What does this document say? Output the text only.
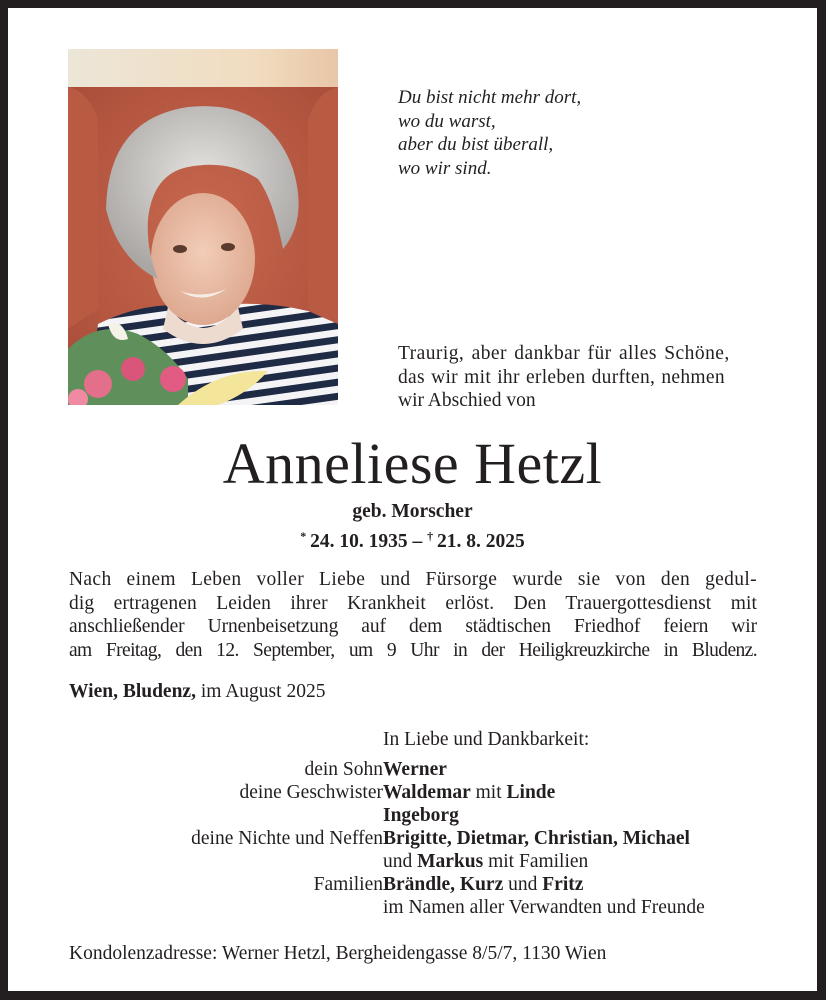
Du bist nicht mehr dort,
wo du warst,
aber du bist überall,
wo wir sind.
Traurig, aber dankbar für alles Schöne,
das wir mit ihr erleben durften, nehmen
wir Abschied von
Anneliese Hetzl
geb. Morscher
*  24. 10. 1935 – †  21. 8. 2025
Nach einem Leben voller Liebe und Fürsorge wurde sie von den gedul-
dig ertragenen Leiden ihrer Krankheit erlöst. Den Trauergottesdienst mit
anschließender Urnenbeisetzung auf dem städtischen Friedhof feiern wir
am Freitag, den 12. September, um 9 Uhr in der Heiligkreuzkirche in Bludenz.
Wien, Bludenz, im August 2025
In Liebe und Dankbarkeit:
dein Sohn Werner
deine Geschwister Waldemar mit Linde
Ingeborg
deine Nichte und Neffen Brigitte, Dietmar, Christian, Michael
und Markus mit Familien
Familien Brändle, Kurz und Fritz
im Namen aller Verwandten und Freunde
Kondolenzadresse: Werner Hetzl, Bergheidengasse 8/5/7, 1130 Wien
